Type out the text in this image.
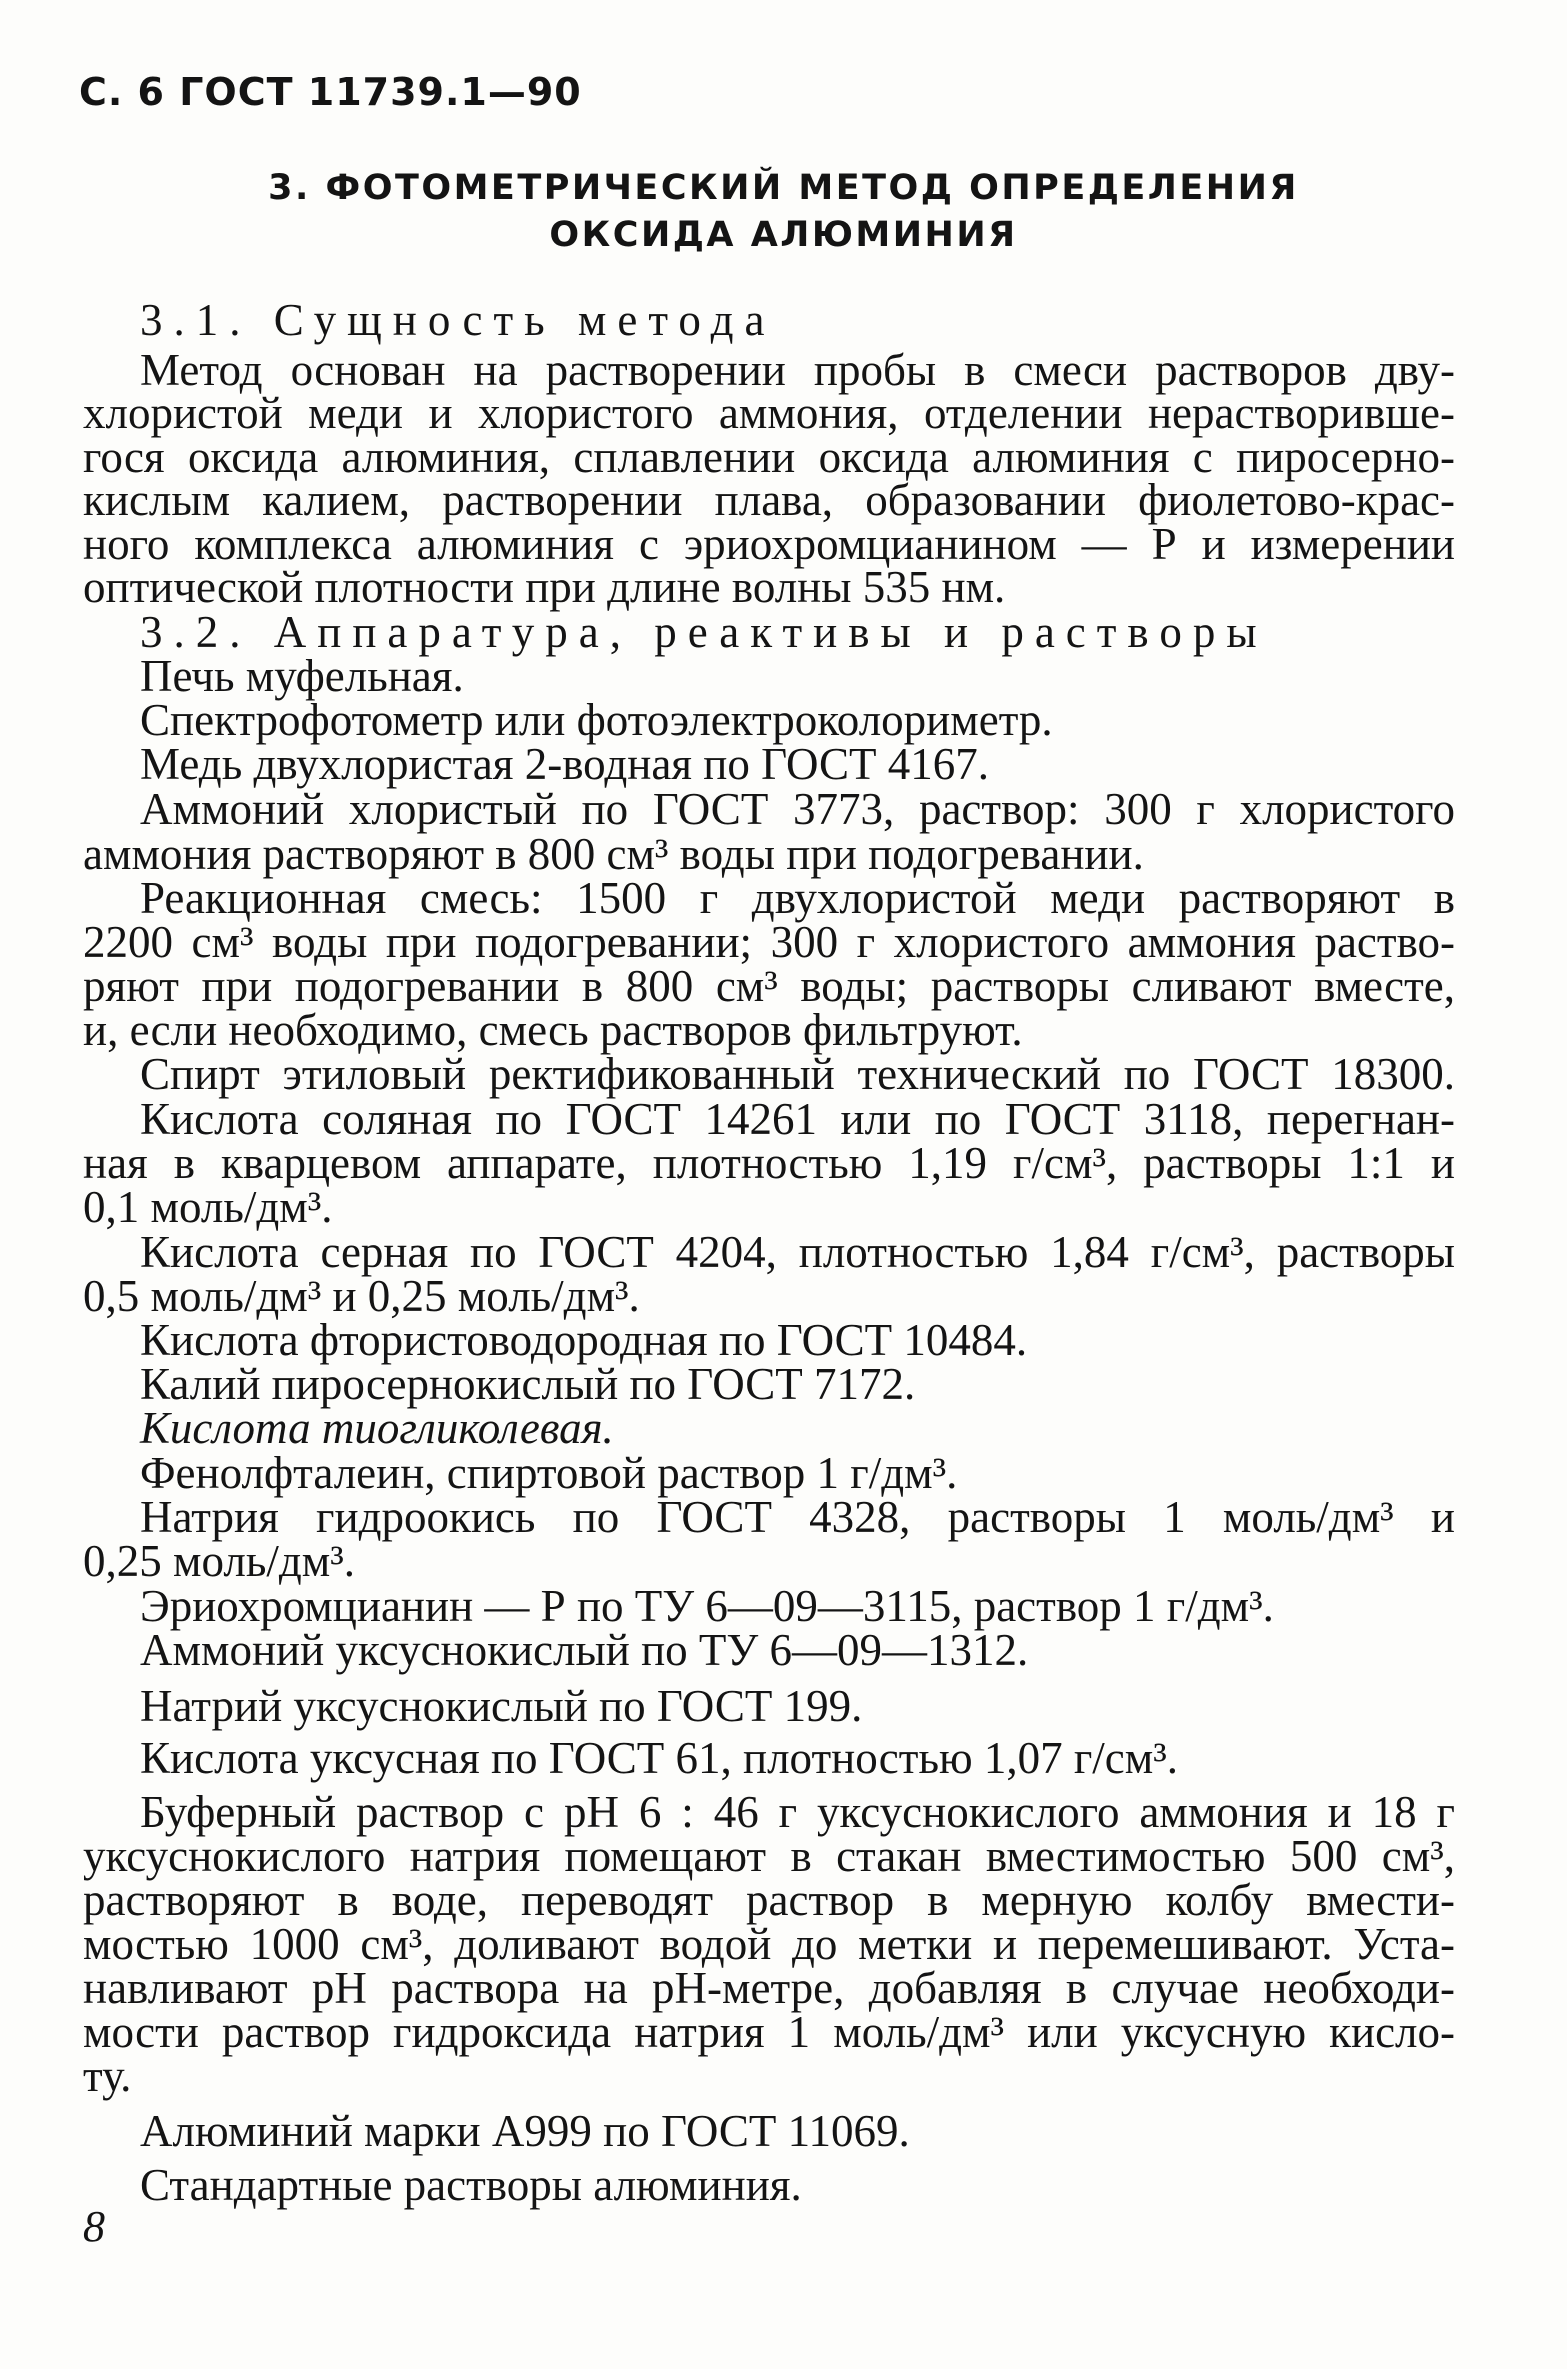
С. 6 ГОСТ 11739.1—90
3. ФОТОМЕТРИЧЕСКИЙ МЕТОД ОПРЕДЕЛЕНИЯ
ОКСИДА АЛЮМИНИЯ
3.1. Сущность метода
Метод основан на растворении пробы в смеси растворов дву-
хлористой меди и хлористого аммония, отделении нерастворивше-
гося оксида алюминия, сплавлении оксида алюминия с пиросерно-
кислым калием, растворении плава, образовании фиолетово-крас-
ного комплекса алюминия с эриохромцианином — Р и измерении
оптической плотности при длине волны 535 нм.
3.2. Аппаратура, реактивы и растворы
Печь муфельная.
Спектрофотометр или фотоэлектроколориметр.
Медь двухлористая 2-водная по ГОСТ 4167.
Аммоний хлористый по ГОСТ 3773, раствор: 300 г хлористого
аммония растворяют в 800 см³ воды при подогревании.
Реакционная смесь: 1500 г двухлористой меди растворяют в
2200 см³ воды при подогревании; 300 г хлористого аммония раство-
ряют при подогревании в 800 см³ воды; растворы сливают вместе,
и, если необходимо, смесь растворов фильтруют.
Спирт этиловый ректификованный технический по ГОСТ 18300.
Кислота соляная по ГОСТ 14261 или по ГОСТ 3118, перегнан-
ная в кварцевом аппарате, плотностью 1,19 г/см³, растворы 1:1 и
0,1 моль/дм³.
Кислота серная по ГОСТ 4204, плотностью 1,84 г/см³, растворы
0,5 моль/дм³ и 0,25 моль/дм³.
Кислота фтористоводородная по ГОСТ 10484.
Калий пиросернокислый по ГОСТ 7172.
Кислота тиогликолевая.
Фенолфталеин, спиртовой раствор 1 г/дм³.
Натрия гидроокись по ГОСТ 4328, растворы 1 моль/дм³ и
0,25 моль/дм³.
Эриохромцианин — Р по ТУ 6—09—3115, раствор 1 г/дм³.
Аммоний уксуснокислый по ТУ 6—09—1312.
Натрий уксуснокислый по ГОСТ 199.
Кислота уксусная по ГОСТ 61, плотностью 1,07 г/см³.
Буферный раствор с рН 6 : 46 г уксуснокислого аммония и 18 г
уксуснокислого натрия помещают в стакан вместимостью 500 см³,
растворяют в воде, переводят раствор в мерную колбу вмести-
мостью 1000 см³, доливают водой до метки и перемешивают. Уста-
навливают рН раствора на рН-метре, добавляя в случае необходи-
мости раствор гидроксида натрия 1 моль/дм³ или уксусную кисло-
ту.
Алюминий марки А999 по ГОСТ 11069.
Стандартные растворы алюминия.
8
